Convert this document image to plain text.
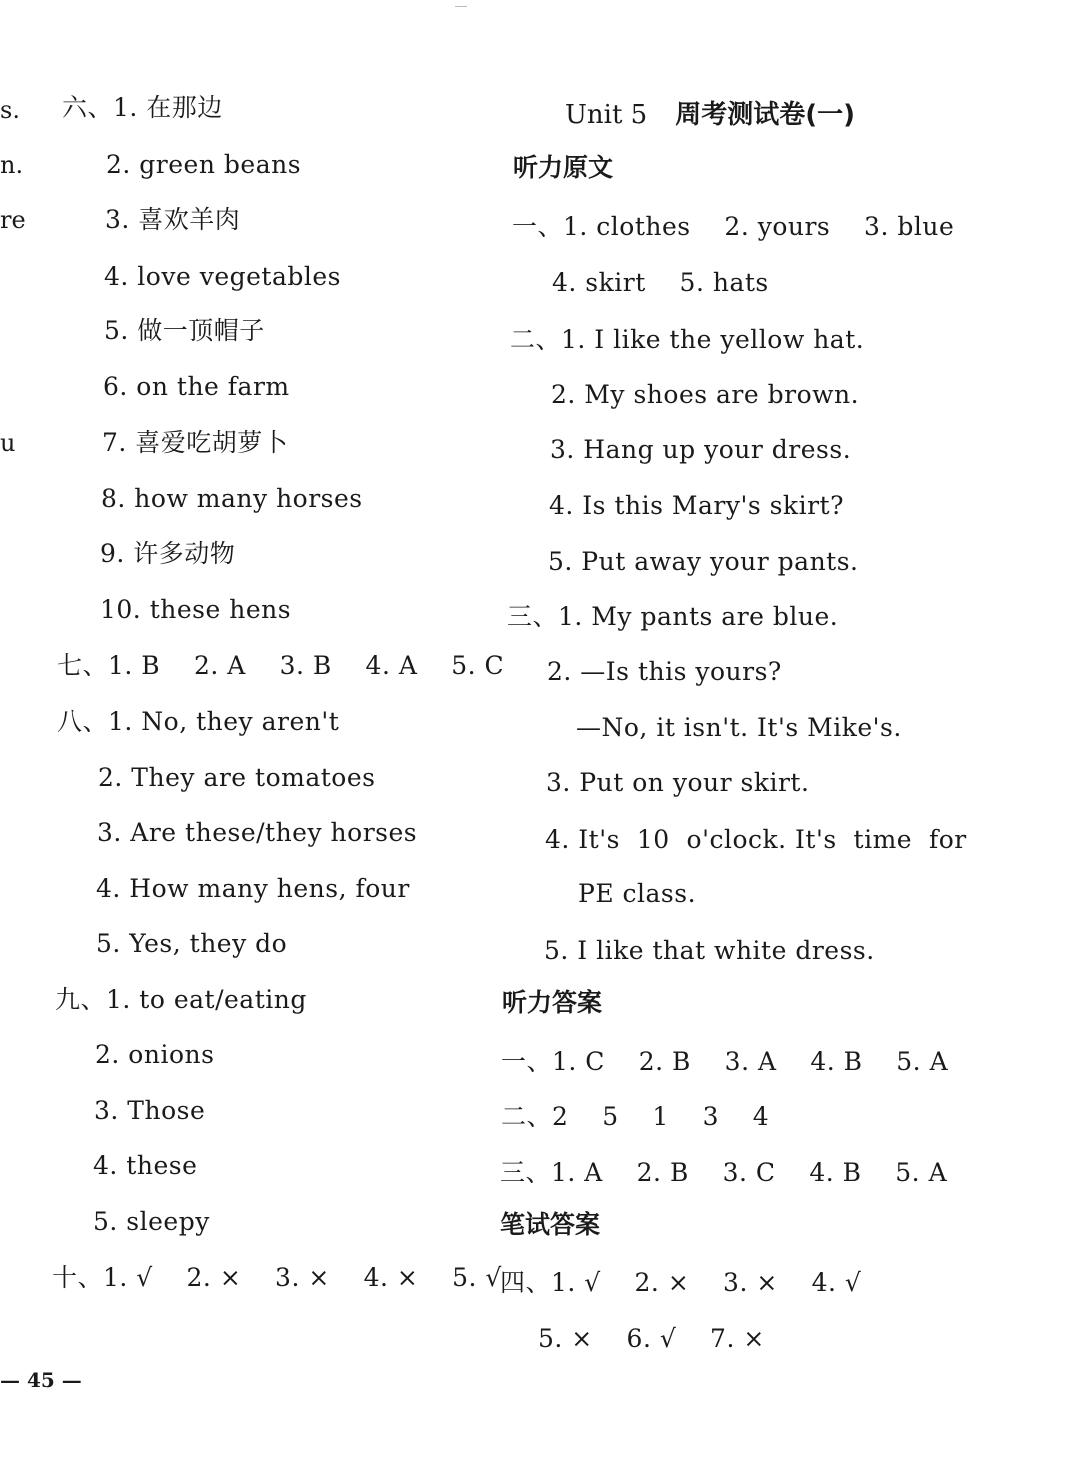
s.
n.
re
u
六、1. 在那边
2. green beans
3. 喜欢羊肉
4. love vegetables
5. 做一顶帽子
6. on the farm
7. 喜爱吃胡萝卜
8. how many horses
9. 许多动物
10. these hens
七、1. B    2. A    3. B    4. A    5. C
八、1. No, they aren't
2. They are tomatoes
3. Are these/they horses
4. How many hens, four
5. Yes, they do
九、1. to eat/eating
2. onions
3. Those
4. these
5. sleepy
十、1. √    2. ×    3. ×    4. ×    5. √
— 45 —
Unit 5 周考测试卷(一)
听力原文
一、1. clothes    2. yours    3. blue
4. skirt    5. hats
二、1. I like the yellow hat.
2. My shoes are brown.
3. Hang up your dress.
4. Is this Mary's skirt?
5. Put away your pants.
三、1. My pants are blue.
2. —Is this yours?
—No, it isn't. It's Mike's.
3. Put on your skirt.
4. It's  10  o'clock. It's  time  for
PE class.
5. I like that white dress.
听力答案
一、1. C    2. B    3. A    4. B    5. A
二、2    5    1    3    4
三、1. A    2. B    3. C    4. B    5. A
笔试答案
四、1. √    2. ×    3. ×    4. √
5. ×    6. √    7. ×
